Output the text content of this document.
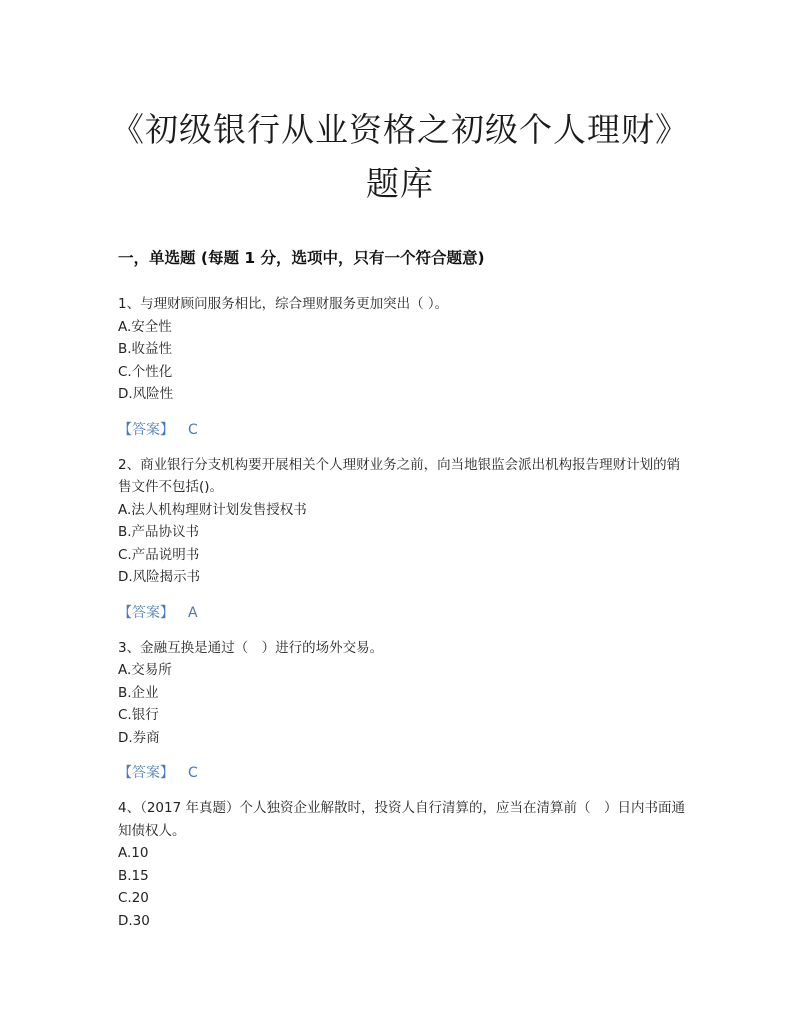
《初级银行从业资格之初级个人理财》题库
一，单选题 (每题 1 分，选项中，只有一个符合题意)
1、与理财顾问服务相比，综合理财服务更加突出（ ）。
A.安全性
B.收益性
C.个性化
D.风险性
【答案】 C
2、商业银行分支机构要开展相关个人理财业务之前，向当地银监会派出机构报告理财计划的销售文件不包括()。
A.法人机构理财计划发售授权书
B.产品协议书
C.产品说明书
D.风险揭示书
【答案】 A
3、金融互换是通过（　）进行的场外交易。
A.交易所
B.企业
C.银行
D.券商
【答案】 C
4、（2017 年真题）个人独资企业解散时，投资人自行清算的，应当在清算前（　）日内书面通知债权人。
A.10
B.15
C.20
D.30
